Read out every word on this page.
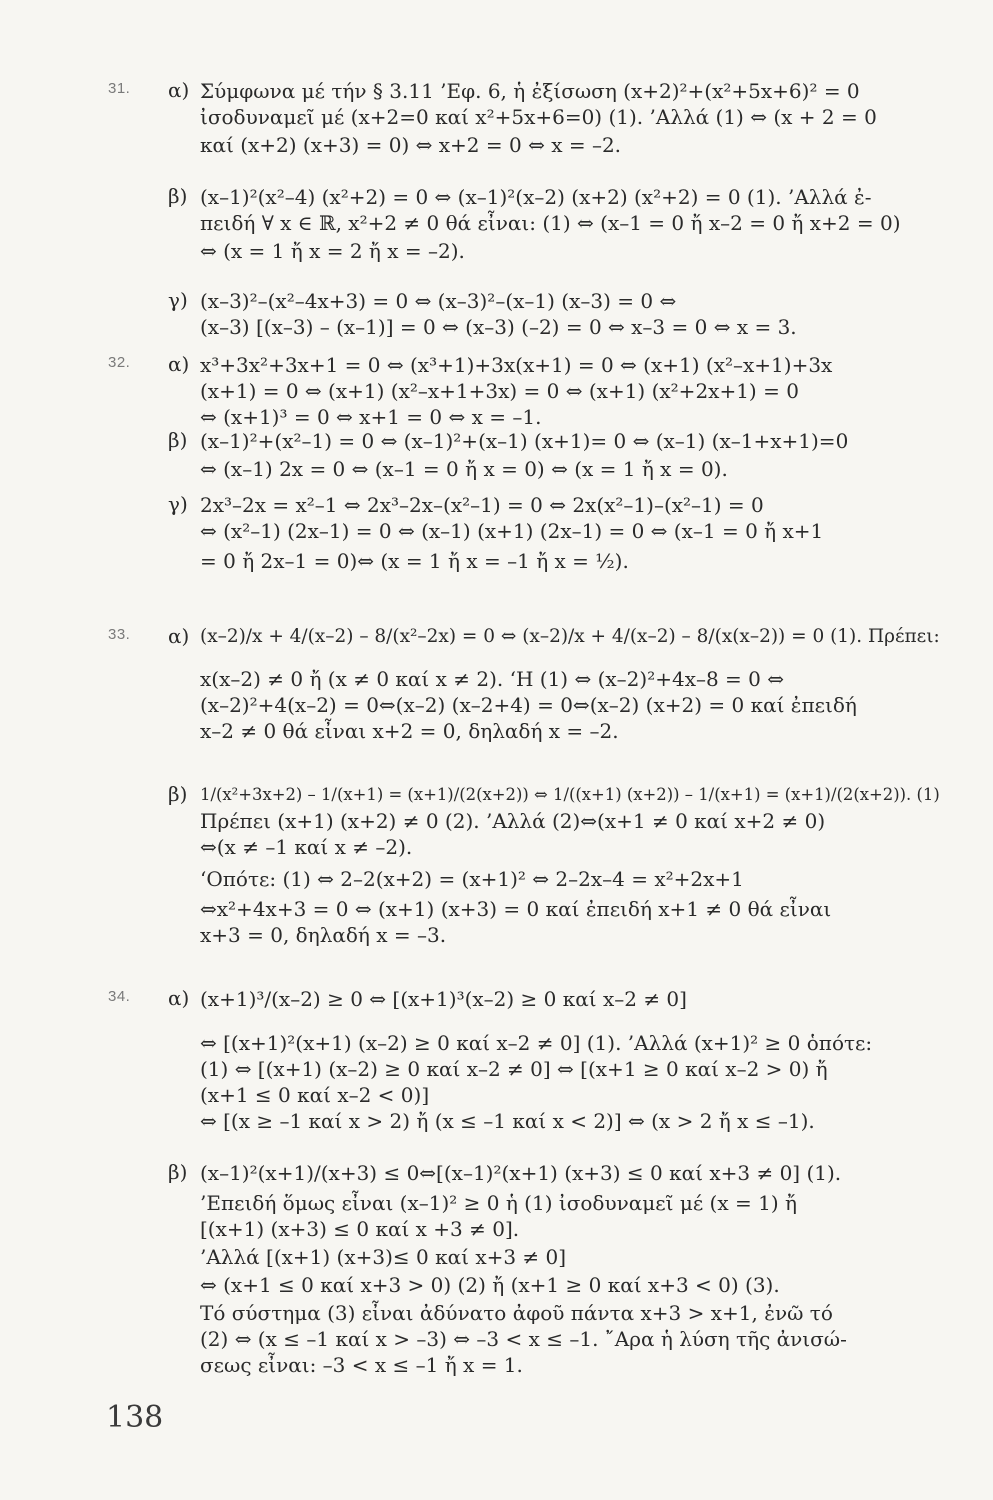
31. α) Σύμφωνα μέ τήν § 3.11 ’Εφ. 6, ἡ ἐξίσωση (x+2)²+(x²+5x+6)² = 0
ἰσοδυναμεῖ μέ (x+2=0 καί x²+5x+6=0) (1). ’Αλλά (1) ⇔ (x + 2 = 0
καί (x+2) (x+3) = 0) ⇔ x+2 = 0 ⇔ x = –2.
β) (x–1)²(x²–4) (x²+2) = 0 ⇔ (x–1)²(x–2) (x+2) (x²+2) = 0 (1). ’Αλλά ἐ-
πειδή ∀ x ∈ ℝ, x²+2 ≠ 0 θά εἶναι: (1) ⇔ (x–1 = 0 ἤ x–2 = 0 ἤ x+2 = 0)
⇔ (x = 1 ἤ x = 2 ἤ x = –2).
γ) (x–3)²–(x²–4x+3) = 0 ⇔ (x–3)²–(x–1) (x–3) = 0 ⇔
(x–3) [(x–3) – (x–1)] = 0 ⇔ (x–3) (–2) = 0 ⇔ x–3 = 0 ⇔ x = 3.
32. α) x³+3x²+3x+1 = 0 ⇔ (x³+1)+3x(x+1) = 0 ⇔ (x+1) (x²–x+1)+3x
(x+1) = 0 ⇔ (x+1) (x²–x+1+3x) = 0 ⇔ (x+1) (x²+2x+1) = 0
⇔ (x+1)³ = 0 ⇔ x+1 = 0 ⇔ x = –1.
β) (x–1)²+(x²–1) = 0 ⇔ (x–1)²+(x–1) (x+1)= 0 ⇔ (x–1) (x–1+x+1)=0
⇔ (x–1) 2x = 0 ⇔ (x–1 = 0 ἤ x = 0) ⇔ (x = 1 ἤ x = 0).
γ) 2x³–2x = x²–1 ⇔ 2x³–2x–(x²–1) = 0 ⇔ 2x(x²–1)–(x²–1) = 0
⇔ (x²–1) (2x–1) = 0 ⇔ (x–1) (x+1) (2x–1) = 0 ⇔ (x–1 = 0 ἤ x+1
= 0 ἤ 2x–1 = 0)⇔ (x = 1 ἤ x = –1 ἤ x = ½).
33. α) (x–2)/x + 4/(x–2) – 8/(x²–2x) = 0 ⇔ (x–2)/x + 4/(x–2) – 8/(x(x–2)) = 0 (1). Πρέπει:
x(x–2) ≠ 0 ἤ (x ≠ 0 καί x ≠ 2). ‘Η (1) ⇔ (x–2)²+4x–8 = 0 ⇔
(x–2)²+4(x–2) = 0⇔(x–2) (x–2+4) = 0⇔(x–2) (x+2) = 0 καί ἐπειδή
x–2 ≠ 0 θά εἶναι x+2 = 0, δηλαδή x = –2.
β) 1/(x²+3x+2) – 1/(x+1) = (x+1)/(2(x+2)) ⇔ 1/((x+1) (x+2)) – 1/(x+1) = (x+1)/(2(x+2)). (1)
Πρέπει (x+1) (x+2) ≠ 0 (2). ’Αλλά (2)⇔(x+1 ≠ 0 καί x+2 ≠ 0)
⇔(x ≠ –1 καί x ≠ –2).
‘Οπότε: (1) ⇔ 2–2(x+2) = (x+1)² ⇔ 2–2x–4 = x²+2x+1
⇔x²+4x+3 = 0 ⇔ (x+1) (x+3) = 0 καί ἐπειδή x+1 ≠ 0 θά εἶναι
x+3 = 0, δηλαδή x = –3.
34. α) (x+1)³/(x–2) ≥ 0 ⇔ [(x+1)³(x–2) ≥ 0 καί x–2 ≠ 0]
⇔ [(x+1)²(x+1) (x–2) ≥ 0 καί x–2 ≠ 0] (1). ’Αλλά (x+1)² ≥ 0 ὁπότε:
(1) ⇔ [(x+1) (x–2) ≥ 0 καί x–2 ≠ 0] ⇔ [(x+1 ≥ 0 καί x–2 > 0) ἤ
(x+1 ≤ 0 καί x–2 < 0)]
⇔ [(x ≥ –1 καί x > 2) ἤ (x ≤ –1 καί x < 2)] ⇔ (x > 2 ἤ x ≤ –1).
β) (x–1)²(x+1)/(x+3) ≤ 0⇔[(x–1)²(x+1) (x+3) ≤ 0 καί x+3 ≠ 0] (1).
’Επειδή ὅμως εἶναι (x–1)² ≥ 0 ἡ (1) ἰσοδυναμεῖ μέ (x = 1) ἤ
[(x+1) (x+3) ≤ 0 καί x +3 ≠ 0].
’Αλλά [(x+1) (x+3)≤ 0 καί x+3 ≠ 0]
⇔ (x+1 ≤ 0 καί x+3 > 0) (2) ἤ (x+1 ≥ 0 καί x+3 < 0) (3).
Τό σύστημα (3) εἶναι ἀδύνατο ἀφοῦ πάντα x+3 > x+1, ἐνῶ τό
(2) ⇔ (x ≤ –1 καί x > –3) ⇔ –3 < x ≤ –1. ῎Αρα ἡ λύση τῆς ἀνισώ-
σεως εἶναι: –3 < x ≤ –1 ἤ x = 1.
138
